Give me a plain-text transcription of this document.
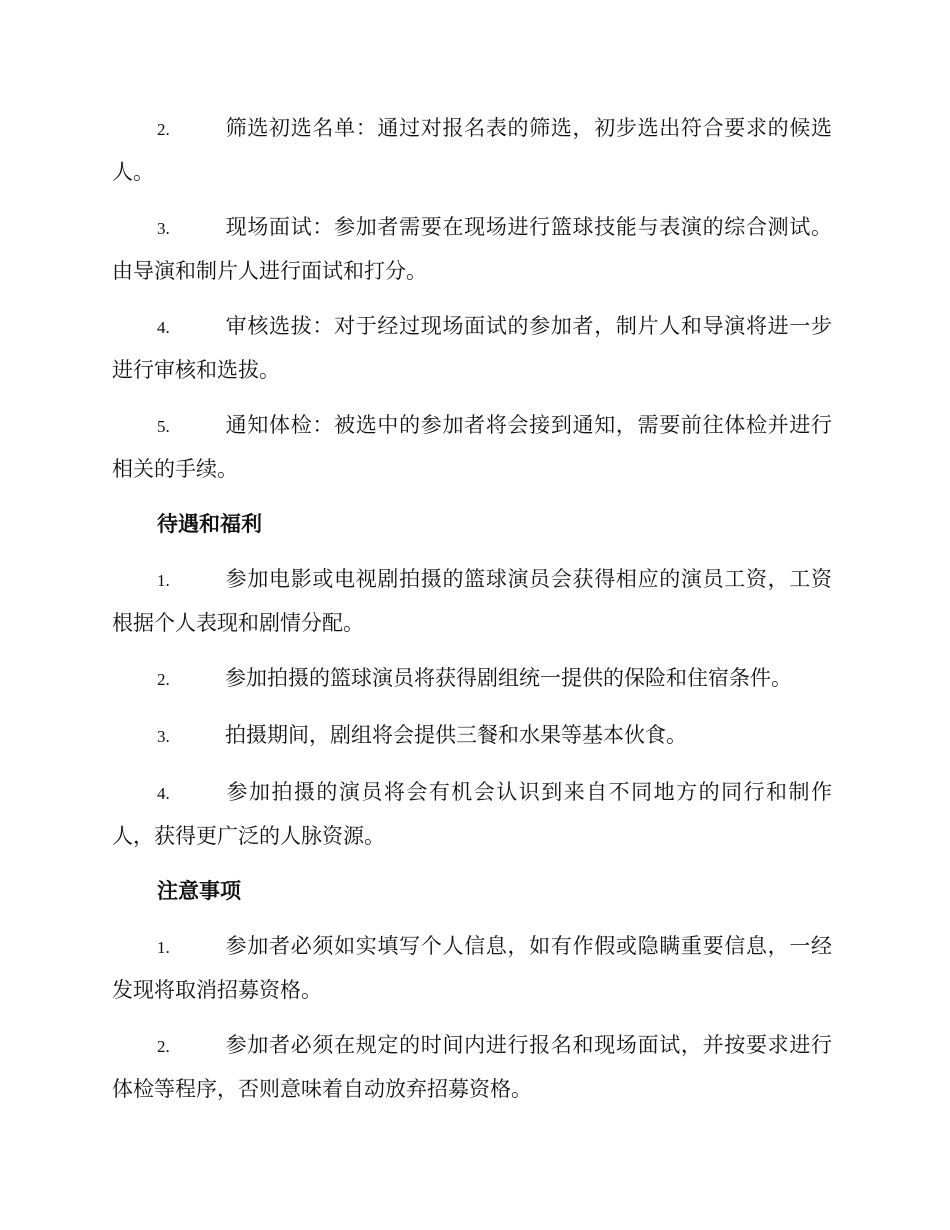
2.	筛选初选名单：通过对报名表的筛选，初步选出符合要求的候选人。

3.	现场面试：参加者需要在现场进行篮球技能与表演的综合测试。由导演和制片人进行面试和打分。

4.	审核选拔：对于经过现场面试的参加者，制片人和导演将进一步进行审核和选拔。

5.	通知体检：被选中的参加者将会接到通知，需要前往体检并进行相关的手续。

待遇和福利

1.	参加电影或电视剧拍摄的篮球演员会获得相应的演员工资，工资根据个人表现和剧情分配。

2.	参加拍摄的篮球演员将获得剧组统一提供的保险和住宿条件。

3.	拍摄期间，剧组将会提供三餐和水果等基本伙食。

4.	参加拍摄的演员将会有机会认识到来自不同地方的同行和制作人，获得更广泛的人脉资源。

注意事项

1.	参加者必须如实填写个人信息，如有作假或隐瞒重要信息，一经发现将取消招募资格。

2.	参加者必须在规定的时间内进行报名和现场面试，并按要求进行体检等程序，否则意味着自动放弃招募资格。
